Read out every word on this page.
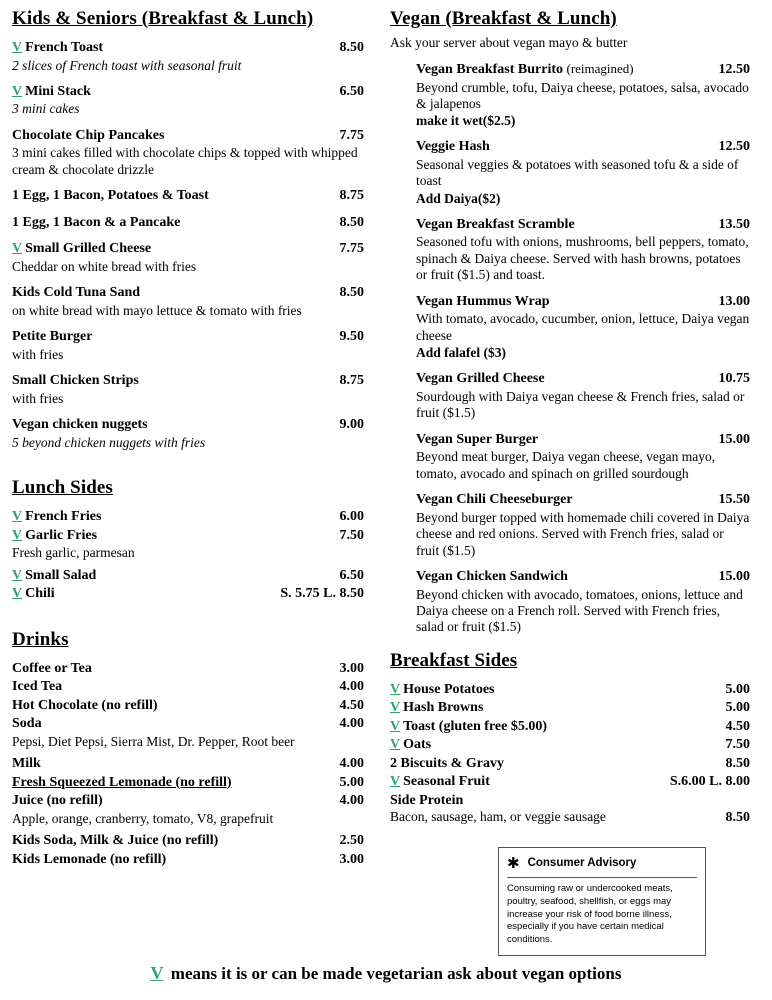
Kids & Seniors (Breakfast & Lunch)
V French Toast	8.50
2 slices of French toast with seasonal fruit
V Mini Stack	6.50
3 mini cakes
Chocolate Chip Pancakes	7.75
3 mini cakes filled with chocolate chips & topped with whipped cream & chocolate drizzle
1 Egg, 1 Bacon, Potatoes & Toast	8.75
1 Egg, 1 Bacon & a Pancake	8.50
V Small Grilled Cheese	7.75
Cheddar on white bread with fries
Kids Cold Tuna Sand	8.50
on white bread with mayo lettuce & tomato with fries
Petite Burger	9.50
with fries
Small Chicken Strips	8.75
with fries
Vegan chicken nuggets	9.00
5 beyond chicken nuggets with fries
Lunch Sides
V French Fries	6.00
V Garlic Fries	7.50
Fresh garlic, parmesan
V Small Salad	6.50
V Chili	S. 5.75 L. 8.50
Drinks
Coffee or Tea	3.00
Iced Tea	4.00
Hot Chocolate (no refill)	4.50
Soda	4.00
Pepsi, Diet Pepsi, Sierra Mist, Dr. Pepper, Root beer
Milk	4.00
Fresh Squeezed Lemonade (no refill)	5.00
Juice (no refill)	4.00
Apple, orange, cranberry, tomato, V8, grapefruit
Kids Soda, Milk & Juice (no refill)	2.50
Kids Lemonade (no refill)	3.00
Vegan (Breakfast & Lunch)
Ask your server about vegan mayo & butter
Vegan Breakfast Burrito (reimagined)	12.50
Beyond crumble, tofu, Daiya cheese, potatoes, salsa, avocado & jalapenos
make it wet($2.5)
Veggie Hash	12.50
Seasonal veggies & potatoes with seasoned tofu & a side of toast
Add Daiya($2)
Vegan Breakfast Scramble	13.50
Seasoned tofu with onions, mushrooms, bell peppers, tomato, spinach & Daiya cheese. Served with hash browns, potatoes or fruit ($1.5) and toast.
Vegan Hummus Wrap	13.00
With tomato, avocado, cucumber, onion, lettuce, Daiya vegan cheese
Add falafel ($3)
Vegan Grilled Cheese	10.75
Sourdough with Daiya vegan cheese & French fries, salad or fruit ($1.5)
Vegan Super Burger	15.00
Beyond meat burger, Daiya vegan cheese, vegan mayo, tomato, avocado and spinach on grilled sourdough
Vegan Chili Cheeseburger	15.50
Beyond burger topped with homemade chili covered in Daiya cheese and red onions. Served with French fries, salad or fruit ($1.5)
Vegan Chicken Sandwich	15.00
Beyond chicken with avocado, tomatoes, onions, lettuce and Daiya cheese on a French roll. Served with French fries, salad or fruit ($1.5)
Breakfast Sides
V House Potatoes	5.00
V Hash Browns	5.00
V Toast (gluten free $5.00)	4.50
V Oats	7.50
2 Biscuits & Gravy	8.50
V Seasonal Fruit	S.6.00 L. 8.00
Side Protein
Bacon, sausage, ham, or veggie sausage	8.50
✱ Consumer Advisory
Consuming raw or undercooked meats, poultry, seafood, shellfish, or eggs may increase your risk of food borne illness, especially if you have certain medical conditions.
V means it is or can be made vegetarian ask about vegan options
